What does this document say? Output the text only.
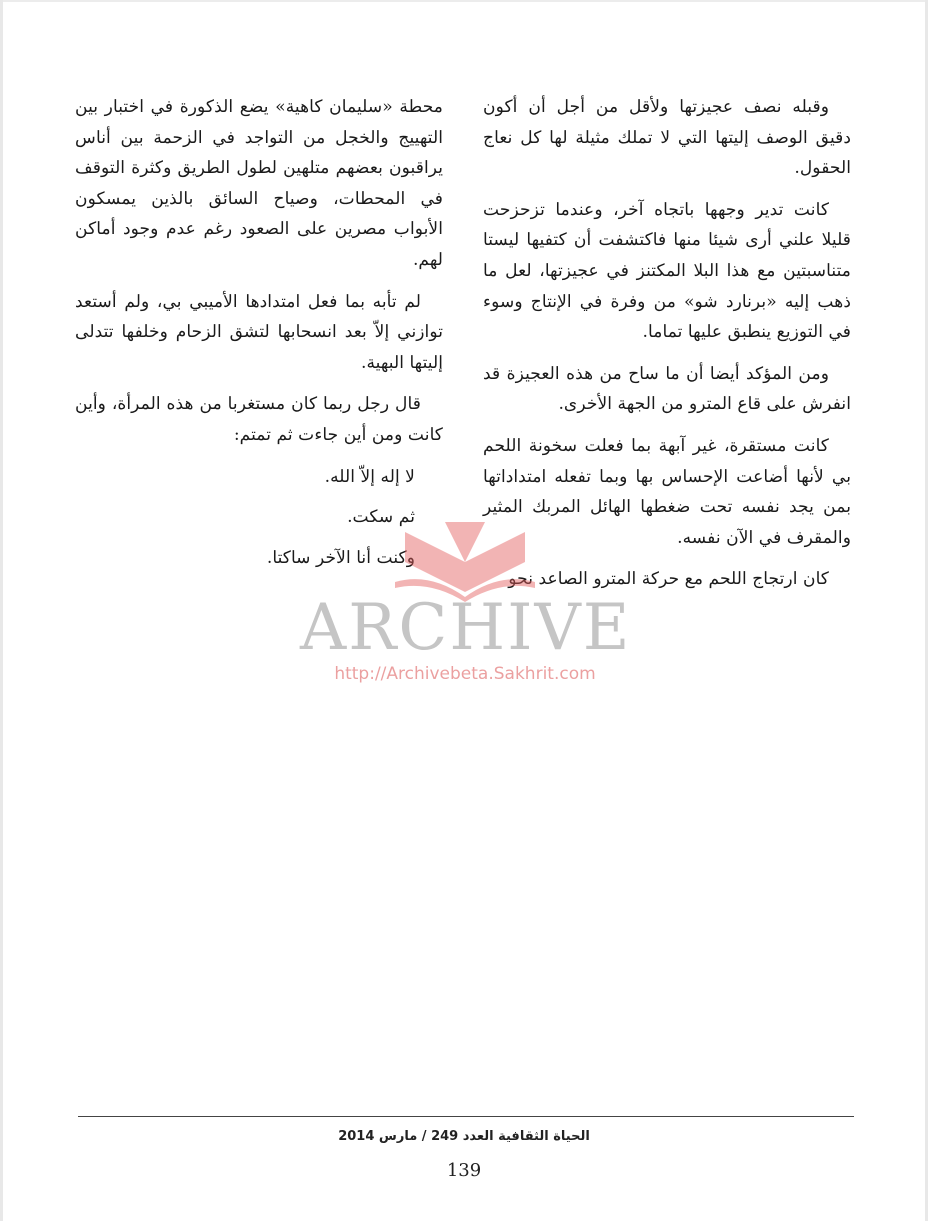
وقبله نصف عجيزتها ولأقل من أجل أن أكون دقيق الوصف إليتها التي لا تملك مثيلة لها كل نعاج الحقول.

كانت تدير وجهها باتجاه آخر، وعندما تزحزحت قليلا علني أرى شيئا منها فاكتشفت أن كتفيها ليستا متناسبتين مع هذا البلا المكتنز في عجيزتها، لعل ما ذهب إليه «برنارد شو» من وفرة في الإنتاج وسوء في التوزيع ينطبق عليها تماما.

ومن المؤكد أيضا أن ما ساح من هذه العجيزة قد انفرش على قاع المترو من الجهة الأخرى.

كانت مستقرة، غير آبهة بما فعلت سخونة اللحم بي لأنها أضاعت الإحساس بها وبما تفعله امتداداتها بمن يجد نفسه تحت ضغطها الهائل المربك المثير والمقرف في الآن نفسه.

كان ارتجاج اللحم مع حركة المترو الصاعد نحو

محطة «سليمان كاهية» يضع الذكورة في اختبار بين التهييج والخجل من التواجد في الزحمة بين أناس يراقبون بعضهم متلهين لطول الطريق وكثرة التوقف في المحطات، وصياح السائق بالذين يمسكون الأبواب مصرين على الصعود رغم عدم وجود أماكن لهم.

لم تأبه بما فعل امتدادها الأميبي بي، ولم أستعد توازني إلاّ بعد انسحابها لتشق الزحام وخلفها تتدلى إليتها البهية.

قال رجل ربما كان مستغربا من هذه المرأة، وأين كانت ومن أين جاءت ثم تمتم:

لا إله إلاّ الله.

ثم سكت.

وكنت أنا الآخر ساكتا.

ARCHIVE
http://Archivebeta.Sakhrit.com
الحياة الثقافية العدد 249 / مارس 2014
139
